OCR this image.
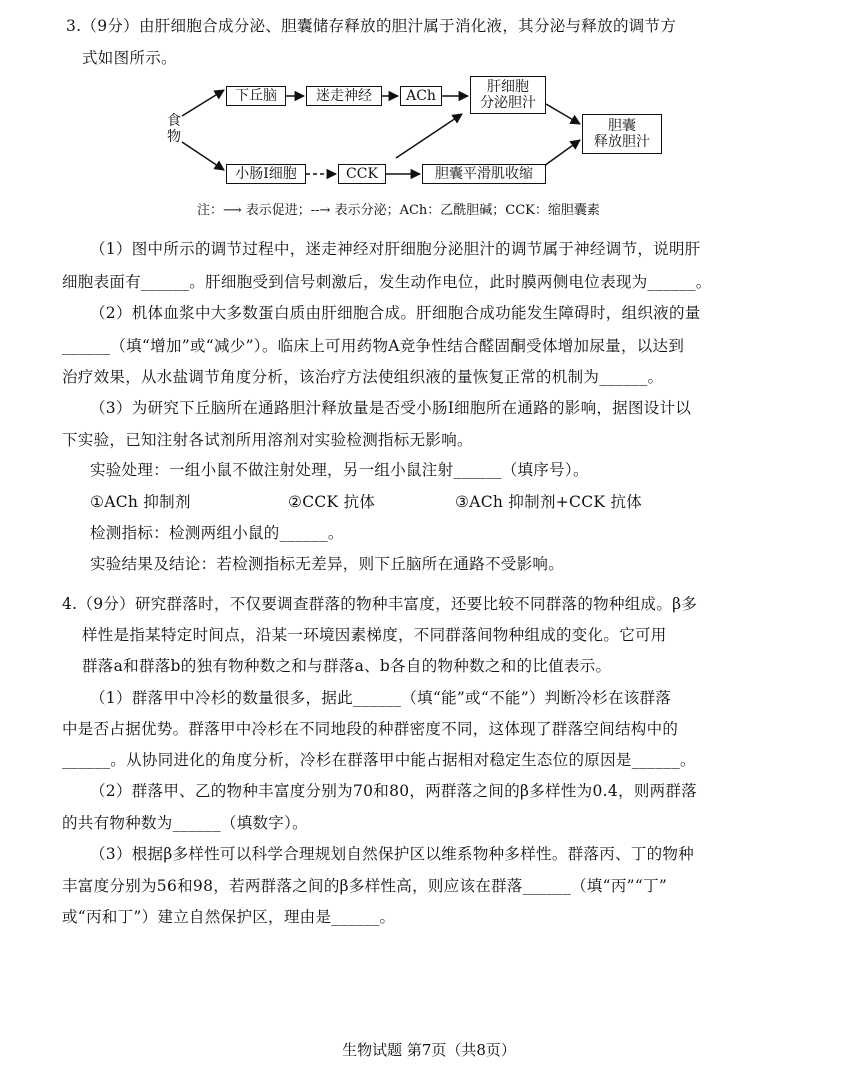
3.（9分）由肝细胞合成分泌、胆囊储存释放的胆汁属于消化液，其分泌与释放的调节方
式如图所示。
食物
下丘脑	迷走神经	ACh
肝细胞
分泌胆汁
胆囊
释放胆汁
小肠I细胞	CCK	胆囊平滑肌收缩
注：⟶ 表示促进；--→ 表示分泌；ACh：乙酰胆碱；CCK：缩胆囊素
（1）图中所示的调节过程中，迷走神经对肝细胞分泌胆汁的调节属于神经调节，说明肝
细胞表面有______。肝细胞受到信号刺激后，发生动作电位，此时膜两侧电位表现为______。
（2）机体血浆中大多数蛋白质由肝细胞合成。肝细胞合成功能发生障碍时，组织液的量
______（填“增加”或“减少”）。临床上可用药物A竞争性结合醛固酮受体增加尿量，以达到
治疗效果，从水盐调节角度分析，该治疗方法使组织液的量恢复正常的机制为______。
（3）为研究下丘脑所在通路胆汁释放量是否受小肠I细胞所在通路的影响，据图设计以
下实验，已知注射各试剂所用溶剂对实验检测指标无影响。
实验处理：一组小鼠不做注射处理，另一组小鼠注射______（填序号）。
①ACh 抑制剂	②CCK 抗体	③ACh 抑制剂+CCK 抗体
检测指标：检测两组小鼠的______。
实验结果及结论：若检测指标无差异，则下丘脑所在通路不受影响。
4.（9分）研究群落时，不仅要调查群落的物种丰富度，还要比较不同群落的物种组成。β多
样性是指某特定时间点，沿某一环境因素梯度，不同群落间物种组成的变化。它可用
群落a和群落b的独有物种数之和与群落a、b各自的物种数之和的比值表示。
（1）群落甲中冷杉的数量很多，据此______（填“能”或“不能”）判断冷杉在该群落
中是否占据优势。群落甲中冷杉在不同地段的种群密度不同，这体现了群落空间结构中的
______。从协同进化的角度分析，冷杉在群落甲中能占据相对稳定生态位的原因是______。
（2）群落甲、乙的物种丰富度分别为70和80，两群落之间的β多样性为0.4，则两群落
的共有物种数为______（填数字）。
（3）根据β多样性可以科学合理规划自然保护区以维系物种多样性。群落丙、丁的物种
丰富度分别为56和98，若两群落之间的β多样性高，则应该在群落______（填“丙”“丁”
或“丙和丁”）建立自然保护区，理由是______。
生物试题 第7页（共8页）
